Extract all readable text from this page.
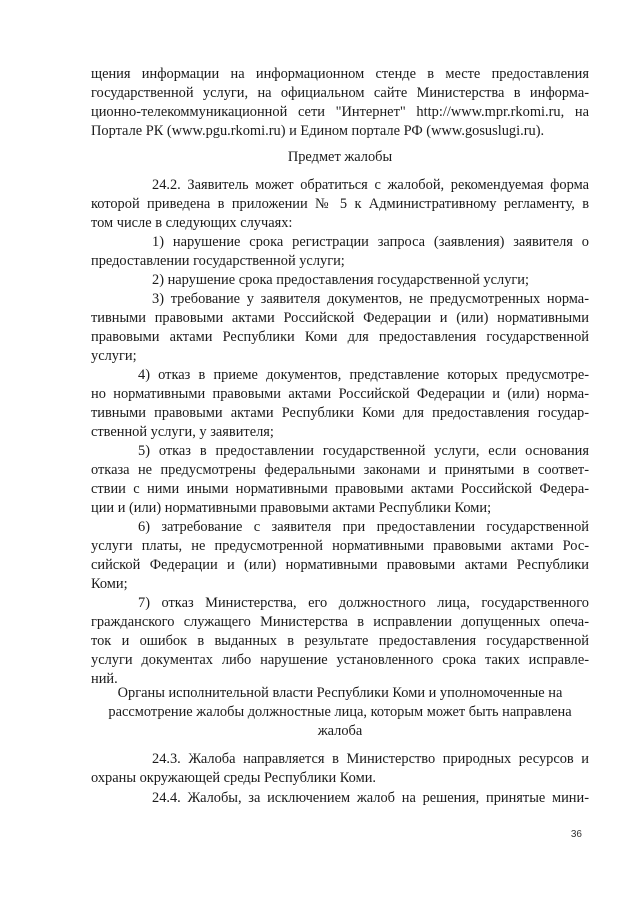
щения информации на информационном стенде в месте предоставления
государственной услуги, на официальном сайте Министерства в информа-
ционно-телекоммуникационной сети "Интернет" http://www.mpr.rkomi.ru, на
Портале РК (www.pgu.rkomi.ru) и Едином портале РФ (www.gosuslugi.ru).
Предмет жалобы
24.2. Заявитель может обратиться с жалобой, рекомендуемая форма
которой приведена в приложении № 5 к Административному регламенту, в
том числе в следующих случаях:
1) нарушение срока регистрации запроса (заявления) заявителя о
предоставлении государственной услуги;
2) нарушение срока предоставления государственной услуги;
3) требование у заявителя документов, не предусмотренных норма-
тивными правовыми актами Российской Федерации и (или) нормативными
правовыми актами Республики Коми для предоставления государственной
услуги;
4) отказ в приеме документов, представление которых предусмотре-
но нормативными правовыми актами Российской Федерации и (или) норма-
тивными правовыми актами Республики Коми для предоставления государ-
ственной услуги, у заявителя;
5) отказ в предоставлении государственной услуги, если основания
отказа не предусмотрены федеральными законами и принятыми в соответ-
ствии с ними иными нормативными правовыми актами Российской Федера-
ции и (или) нормативными правовыми актами Республики Коми;
6) затребование с заявителя при предоставлении государственной
услуги платы, не предусмотренной нормативными правовыми актами Рос-
сийской Федерации и (или) нормативными правовыми актами Республики
Коми;
7) отказ Министерства, его должностного лица, государственного
гражданского служащего Министерства в исправлении допущенных опеча-
ток и ошибок в выданных в результате предоставления государственной
услуги документах либо нарушение установленного срока таких исправле-
ний.
Органы исполнительной власти Республики Коми и уполномоченные на
рассмотрение жалобы должностные лица, которым может быть направлена
жалоба
24.3. Жалоба направляется в Министерство природных ресурсов и
охраны окружающей среды Республики Коми.
24.4. Жалобы, за исключением жалоб на решения, принятые мини-
36
